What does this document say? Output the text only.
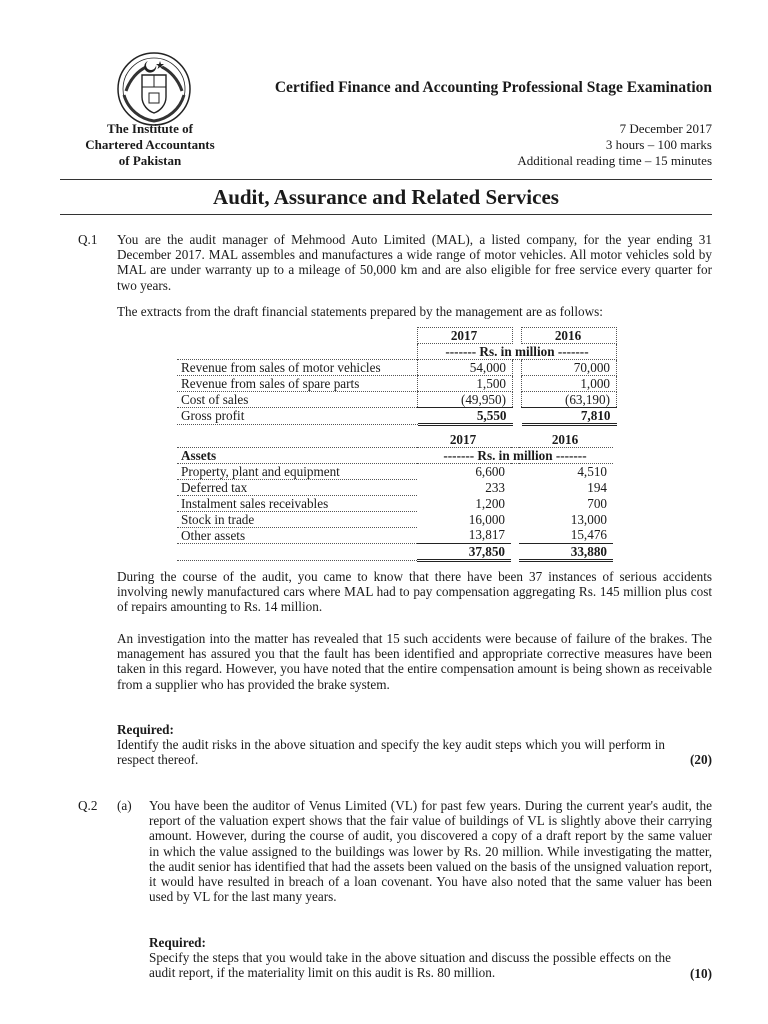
Certified Finance and Accounting Professional Stage Examination
The Institute of
Chartered Accountants
of Pakistan
7 December 2017
3 hours – 100 marks
Additional reading time – 15 minutes
Audit, Assurance and Related Services
Q.1 You are the audit manager of Mehmood Auto Limited (MAL), a listed company, for the year ending 31 December 2017. MAL assembles and manufactures a wide range of motor vehicles. All motor vehicles sold by MAL are under warranty up to a mileage of 50,000 km and are also eligible for free service every quarter for two years.

The extracts from the draft financial statements prepared by the management are as follows:

	2017		2016
	------- Rs. in million -------		
Revenue from sales of motor vehicles	54,000		70,000
Revenue from sales of spare parts	1,500		1,000
Cost of sales	(49,950)		(63,190)
Gross profit	5,550		7,810
	2017		2016
Assets	------- Rs. in million -------		
Property, plant and equipment	6,600		4,510
Deferred tax	233		194
Instalment sales receivables	1,200		700
Stock in trade	16,000		13,000
Other assets	13,817		15,476
	37,850		33,880

During the course of the audit, you came to know that there have been 37 instances of serious accidents involving newly manufactured cars where MAL had to pay compensation aggregating Rs. 145 million plus cost of repairs amounting to Rs. 14 million.

An investigation into the matter has revealed that 15 such accidents were because of failure of the brakes. The management has assured you that the fault has been identified and appropriate corrective measures have been taken in this regard. However, you have noted that the entire compensation amount is being shown as receivable from a supplier who has provided the brake system.

Required:

Identify the audit risks in the above situation and specify the key audit steps which you will perform in respect thereof.	(20)
Q.2 (a) You have been the auditor of Venus Limited (VL) for past few years. During the current year's audit, the report of the valuation expert shows that the fair value of buildings of VL is slightly above their carrying amount. However, during the course of audit, you discovered a copy of a draft report by the same valuer in which the value assigned to the buildings was lower by Rs. 20 million. While investigating the matter, the audit senior has identified that had the assets been valued on the basis of the unsigned valuation report, it would have resulted in breach of a loan covenant. You have also noted that the same valuer has been used by VL for the last many years.

Required:

Specify the steps that you would take in the above situation and discuss the possible effects on the audit report, if the materiality limit on this audit is Rs. 80 million.	(10)
